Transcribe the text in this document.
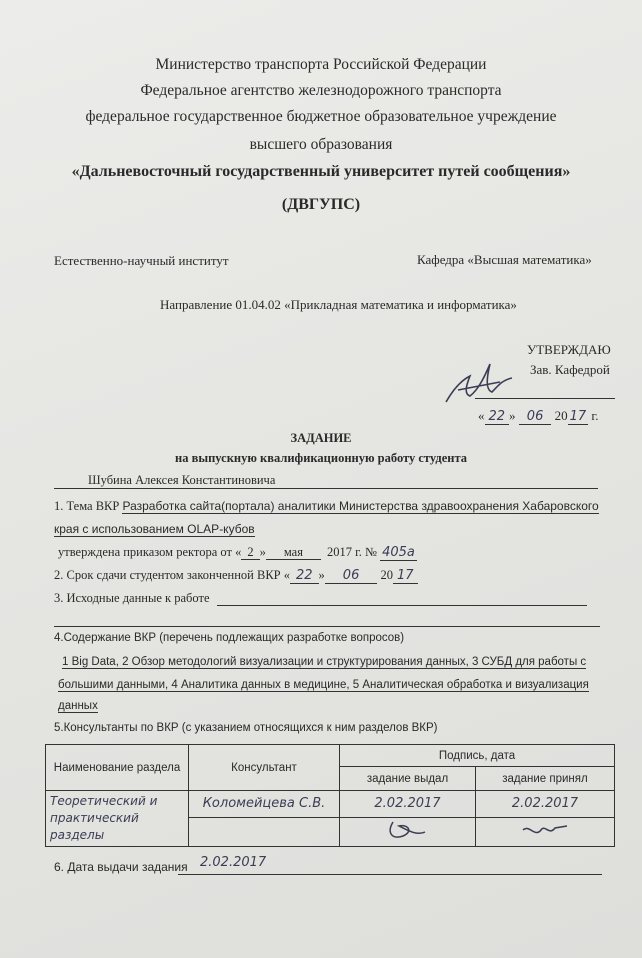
Министерство транспорта Российской Федерации
Федеральное агентство железнодорожного транспорта
федеральное государственное бюджетное образовательное учреждение
высшего образования
«Дальневосточный государственный университет путей сообщения»
(ДВГУПС)
Естественно-научный институт	Кафедра «Высшая математика»
Направление 01.04.02 «Прикладная математика и информатика»
УТВЕРЖДАЮ
Зав. Кафедрой
« 22 » 06 20 17 г.
ЗАДАНИЕ
на выпускную квалификационную работу студента
Шубина Алексея Константиновича
1. Тема ВКР Разработка сайта(портала) аналитики Министерства здравоохранения Хабаровского
края с использованием OLAP-кубов
утверждена приказом ректора от « 2 » мая 2017 г. № 405а
2. Срок сдачи студентом законченной ВКР « 22 » 06 20 17
3. Исходные данные к работе
4.Содержание ВКР (перечень подлежащих разработке вопросов)
1 Big Data, 2 Обзор методологий визуализации и структурирования данных, 3 СУБД для работы с
большими данными, 4 Аналитика данных в медицине, 5 Аналитическая обработка и визуализация
данных
5.Консультанты по ВКР (с указанием относящихся к ним разделов ВКР)
Наименование раздела	Консультант	Подпись, дата	
		задание выдал	задание принял

Теоретический и практический разделы	Коломейцева С.В.	2.02.2017	2.02.2017

6. Дата выдачи задания 2.02.2017
